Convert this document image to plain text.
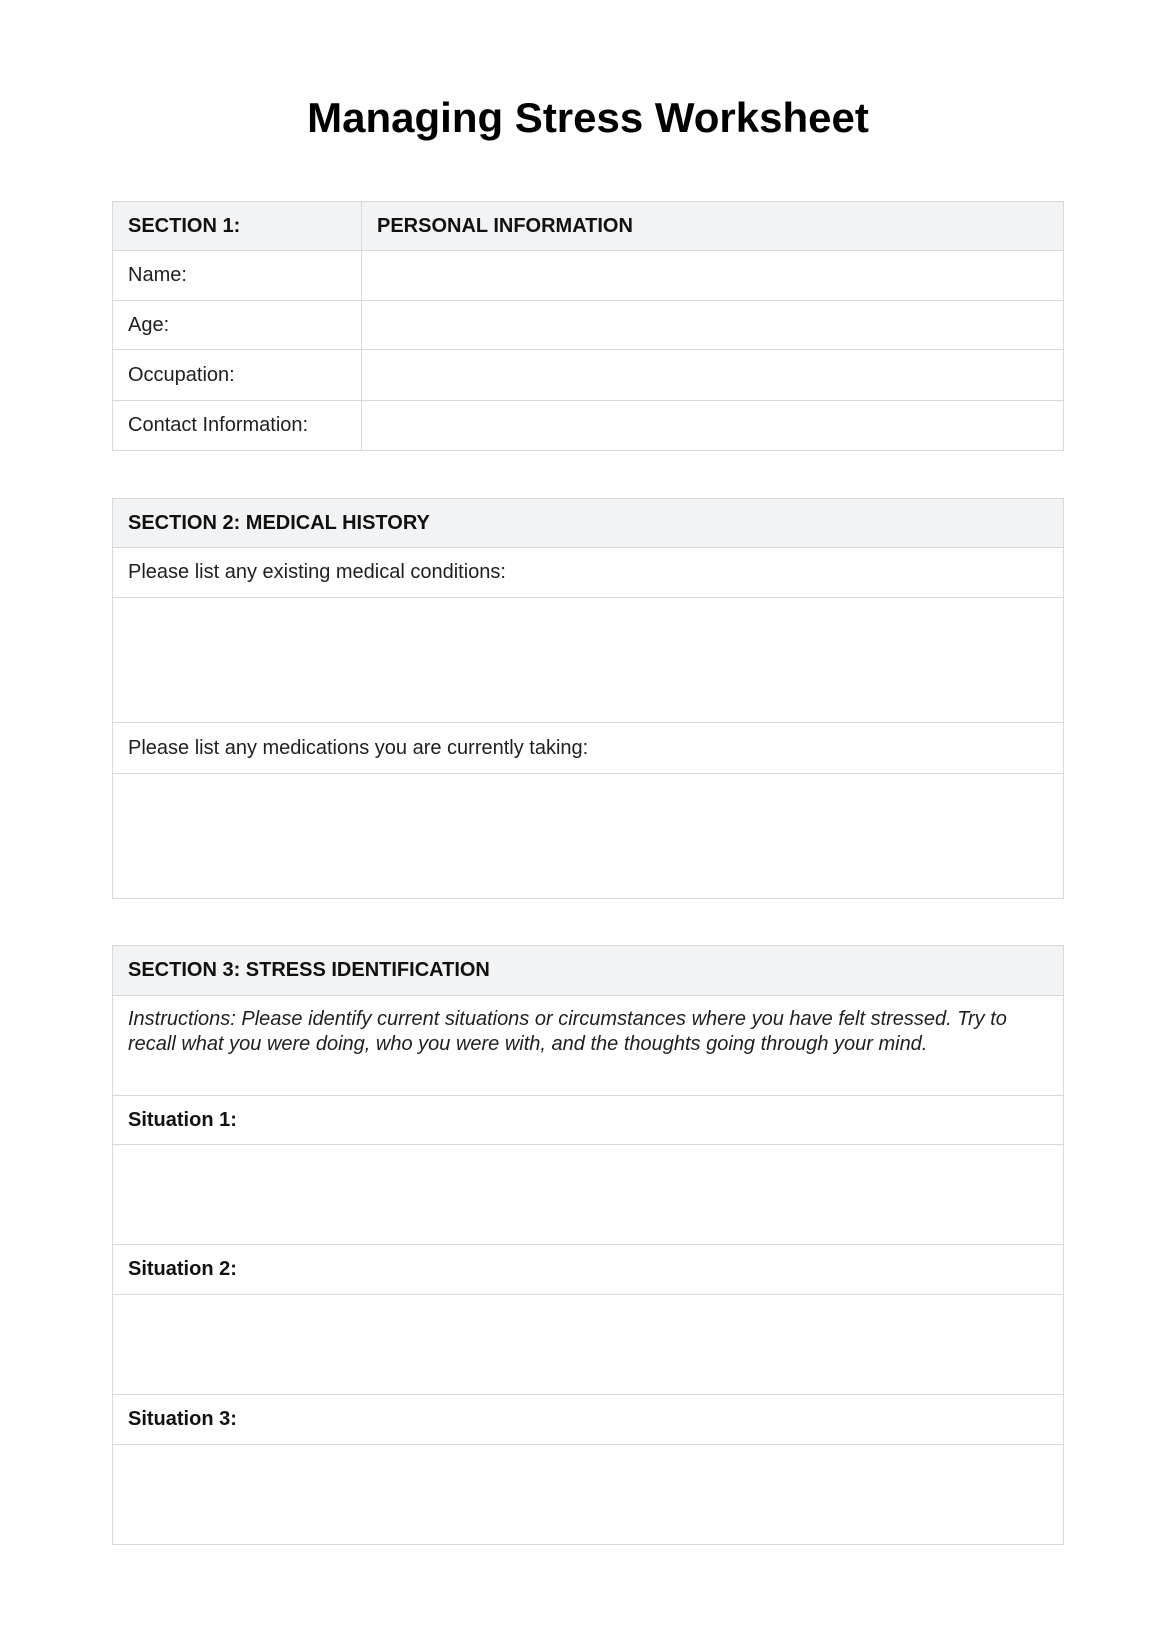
Managing Stress Worksheet
SECTION 1:	PERSONAL INFORMATION
Name:
Age:
Occupation:
Contact Information:
SECTION 2: MEDICAL HISTORY
Please list any existing medical conditions:
Please list any medications you are currently taking:
SECTION 3: STRESS IDENTIFICATION
Instructions: Please identify current situations or circumstances where you have felt stressed. Try to recall what you were doing, who you were with, and the thoughts going through your mind.
Situation 1:
Situation 2:
Situation 3:
